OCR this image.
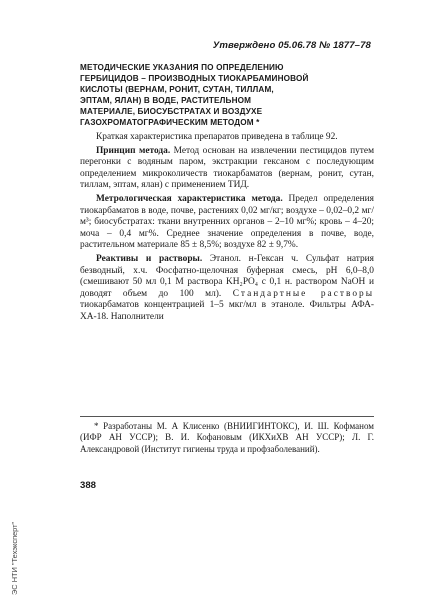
Утверждено 05.06.78 № 1877–78
МЕТОДИЧЕСКИЕ УКАЗАНИЯ ПО ОПРЕДЕЛЕНИЮ
ГЕРБИЦИДОВ – ПРОИЗВОДНЫХ ТИОКАРБАМИНОВОЙ
КИСЛОТЫ (ВЕРНАМ, РОНИТ, СУТАН, ТИЛЛАМ,
ЭПТАМ, ЯЛАН) В ВОДЕ, РАСТИТЕЛЬНОМ
МАТЕРИАЛЕ, БИОСУБСТРАТАХ И ВОЗДУХЕ
ГАЗОХРОМАТОГРАФИЧЕСКИМ МЕТОДОМ *

Краткая характеристика препаратов приведена в таблице 92.

Принцип метода. Метод основан на извлечении пестицидов путем перегонки с водяным паром, экстракции гексаном с последующим определением микроколичеств тиокарбаматов (вернам, ронит, сутан, тиллам, эптам, ялан) с применением ТИД.

Метрологическая характеристика метода. Предел определения тиокарбаматов в воде, почве, растениях 0,02 мг/кг; воздухе – 0,02–0,2 мг/м³; биосубстратах: ткани внутренних органов – 2–10 мг%; кровь – 4–20; моча – 0,4 мг%. Среднее значение определения в почве, воде, растительном материале 85 ± 8,5%; воздухе 82 ± 9,7%.

Реактивы и растворы. Этанол. н-Гексан ч. Сульфат натрия безводный, х.ч. Фосфатно-щелочная буферная смесь, pH 6,0–8,0 (смешивают 50 мл 0,1 М раствора KH₂PO₄ с 0,1 н. раствором NaOH и доводят объем до 100 мл). Стандартные растворы тиокарбаматов концентрацией 1–5 мкг/мл в этаноле. Фильтры АФА-ХА-18. Наполнители

* Разработаны М. А Клисенко (ВНИИГИНТОКС), И. Ш. Кофманом (ИФР АН УССР); В. И. Кофановым (ИКХиХВ АН УССР); Л. Г. Александровой (Институт гигиены труда и профзаболеваний).
388
ЭС НТИ "Техэксперт"
